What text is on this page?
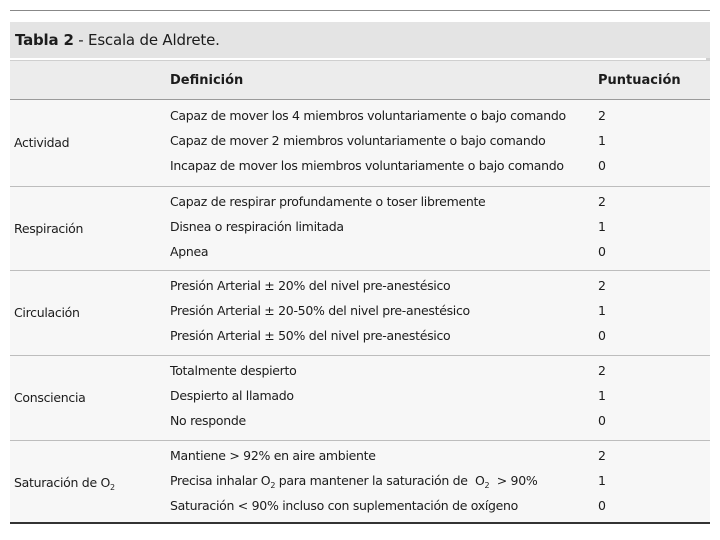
Tabla 2 - Escala de Aldrete.
Definición	Puntuación
Actividad
Capaz de mover los 4 miembros voluntariamente o bajo comando	2
Capaz de mover 2 miembros voluntariamente o bajo comando	1
Incapaz de mover los miembros voluntariamente o bajo comando	0
Respiración
Capaz de respirar profundamente o toser libremente	2
Disnea o respiración limitada	1
Apnea	0
Circulación
Presión Arterial ± 20% del nivel pre-anestésico	2
Presión Arterial ± 20-50% del nivel pre-anestésico	1
Presión Arterial ± 50% del nivel pre-anestésico	0
Consciencia
Totalmente despierto	2
Despierto al llamado	1
No responde	0
Saturación de $O_2$
Mantiene > 92% en aire ambiente	2
Precisa inhalar $O_2$ para mantener la saturación de  $O_2 > 90\%$	1
Saturación < 90% incluso con suplementación de oxígeno	0
